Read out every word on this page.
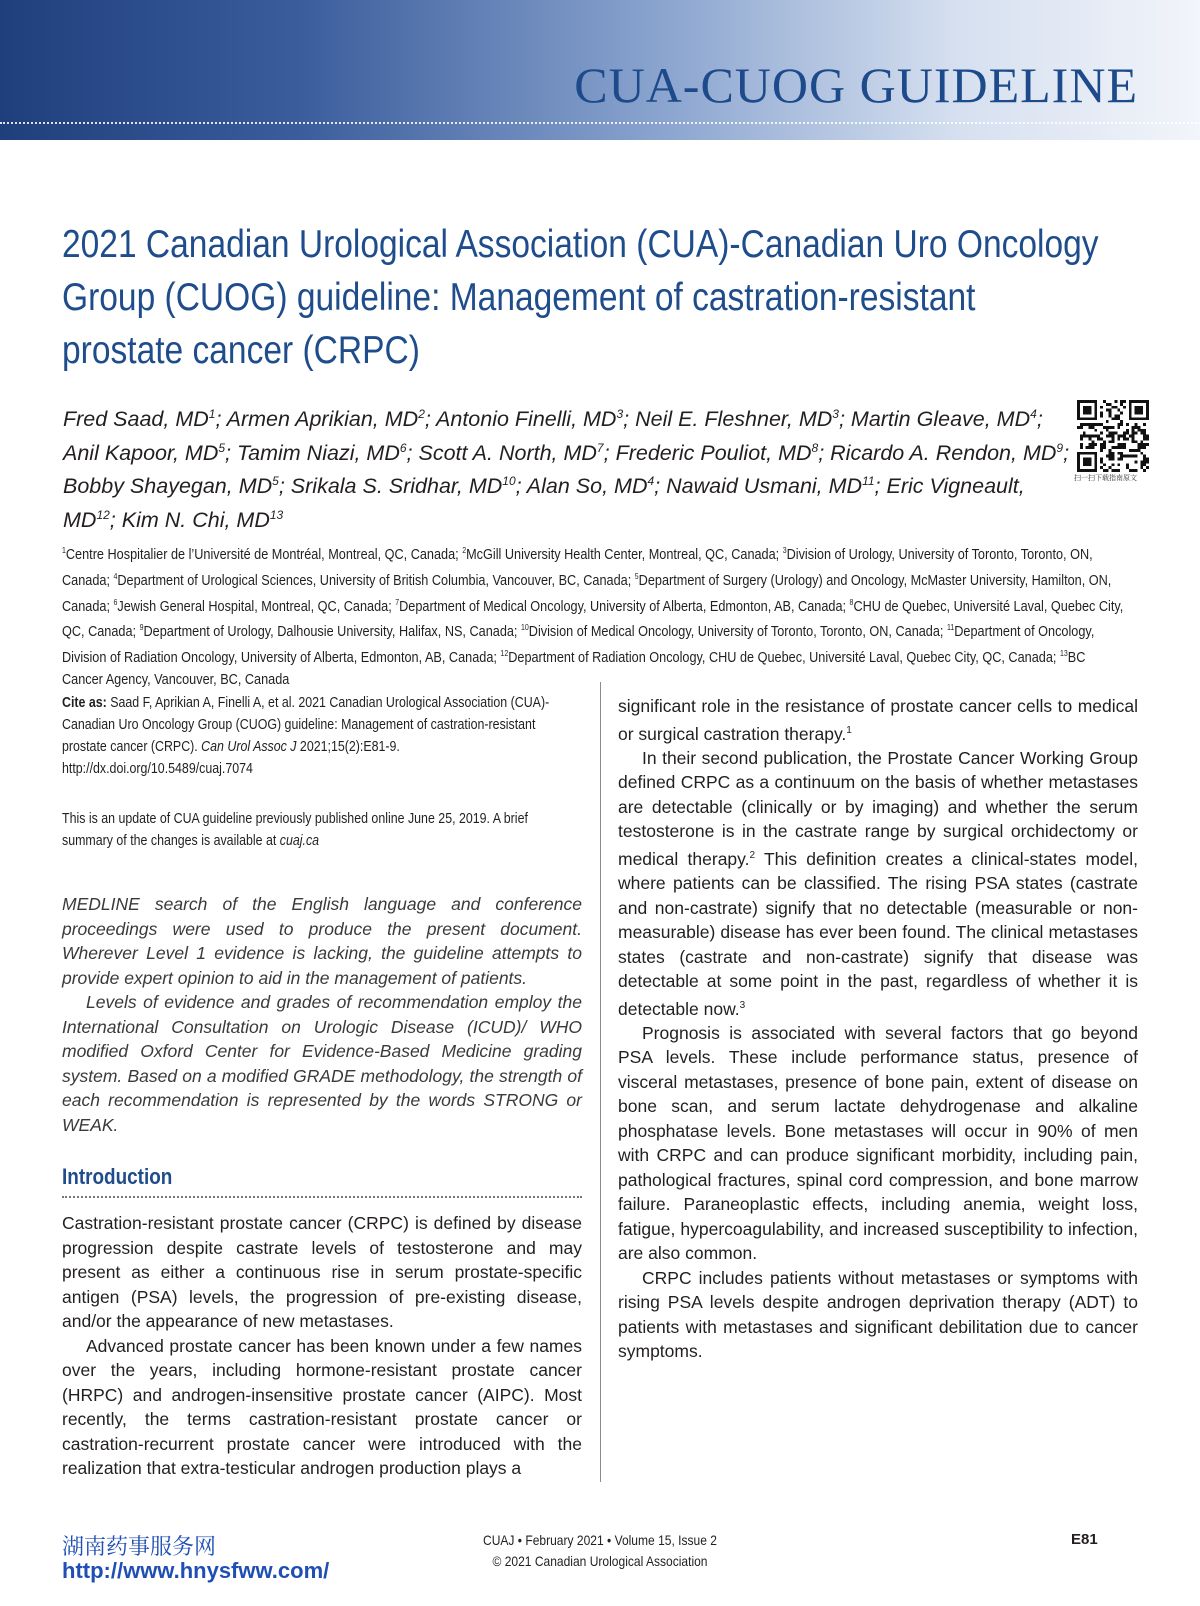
CUA-CUOG GUIDELINE
2021 Canadian Urological Association (CUA)-Canadian Uro Oncology
Group (CUOG) guideline: Management of castration-resistant
prostate cancer (CRPC)
Fred Saad, $MD^1$; Armen Aprikian, $MD^2$; Antonio Finelli, $MD^3$; Neil E. Fleshner, $MD^3$; Martin Gleave, $MD^4$; Anil Kapoor, $MD^5$; Tamim Niazi, $MD^6$; Scott A. North, $MD^7$; Frederic Pouliot, $MD^8$; Ricardo A. Rendon, $MD^9$; Bobby Shayegan, $MD^5$; Srikala S. Sridhar, MD$^{10}$; Alan So, $MD^4$; Nawaid Usmani, MD$^{11}$; Eric Vigneault, MD$^{12}$; Kim N. Chi, MD$^{13}$
扫一扫下载指南原文
$^1$Centre Hospitalier de l’Université de Montréal, Montreal, QC, Canada; $^2$McGill University Health Center, Montreal, QC, Canada; $^3$Division of Urology, University of Toronto, Toronto, ON, Canada; $^4$Department of Urological Sciences, University of British Columbia, Vancouver, BC, Canada; $^5$Department of Surgery (Urology) and Oncology, McMaster University, Hamilton, ON, Canada; $^6$Jewish General Hospital, Montreal, QC, Canada; $^7$Department of Medical Oncology, University of Alberta, Edmonton, AB, Canada; $^8$CHU de Quebec, Université Laval, Quebec City, QC, Canada; $^9$Department of Urology, Dalhousie University, Halifax, NS, Canada; $^{10}$Division of Medical Oncology, University of Toronto, Toronto, ON, Canada; $^{11}$Department of Oncology, Division of Radiation Oncology, University of Alberta, Edmonton, AB, Canada; $^{12}$Department of Radiation Oncology, CHU de Quebec, Université Laval, Quebec City, QC, Canada; $^{13}$BC Cancer Agency, Vancouver, BC, Canada
Cite as: Saad F, Aprikian A, Finelli A, et al. 2021 Canadian Urological Association (CUA)-Canadian Uro Oncology Group (CUOG) guideline: Management of castration-resistant prostate cancer (CRPC). Can Urol Assoc J 2021;15(2):E81-9. http://dx.doi.org/10.5489/cuaj.7074
This is an update of CUA guideline previously published online June 25, 2019. A brief summary of the changes is available at cuaj.ca

MEDLINE search of the English language and conference proceedings were used to produce the present document. Wherever Level 1 evidence is lacking, the guideline attempts to provide expert opinion to aid in the management of patients.

Levels of evidence and grades of recommendation employ the International Consultation on Urologic Disease (ICUD)/ WHO modified Oxford Center for Evidence-Based Medicine grading system. Based on a modified GRADE methodology, the strength of each recommendation is represented by the words STRONG or WEAK.

Introduction

Castration-resistant prostate cancer (CRPC) is defined by disease progression despite castrate levels of testosterone and may present as either a continuous rise in serum prostate-specific antigen (PSA) levels, the progression of pre-existing disease, and/or the appearance of new metastases.

Advanced prostate cancer has been known under a few names over the years, including hormone-resistant prostate cancer (HRPC) and androgen-insensitive prostate cancer (AIPC). Most recently, the terms castration-resistant prostate cancer or castration-recurrent prostate cancer were introduced with the realization that extra-testicular androgen production plays a

significant role in the resistance of prostate cancer cells to medical or surgical castration therapy.$^1$

In their second publication, the Prostate Cancer Working Group defined CRPC as a continuum on the basis of whether metastases are detectable (clinically or by imaging) and whether the serum testosterone is in the castrate range by surgical orchidectomy or medical therapy.$^2$ This definition creates a clinical-states model, where patients can be classified. The rising PSA states (castrate and non-castrate) signify that no detectable (measurable or non-measurable) disease has ever been found. The clinical metastases states (castrate and non-castrate) signify that disease was detectable at some point in the past, regardless of whether it is detectable now.$^3$

Prognosis is associated with several factors that go beyond PSA levels. These include performance status, presence of visceral metastases, presence of bone pain, extent of disease on bone scan, and serum lactate dehydrogenase and alkaline phosphatase levels. Bone metastases will occur in 90% of men with CRPC and can produce significant morbidity, including pain, pathological fractures, spinal cord compression, and bone marrow failure. Paraneoplastic effects, including anemia, weight loss, fatigue, hypercoagulability, and increased susceptibility to infection, are also common.

CRPC includes patients without metastases or symptoms with rising PSA levels despite androgen deprivation therapy (ADT) to patients with metastases and significant debilitation due to cancer symptoms.

湖南药事服务网
http://www.hnysfww.com/
CUAJ • February 2021 • Volume 15, Issue 2
© 2021 Canadian Urological Association
E81
